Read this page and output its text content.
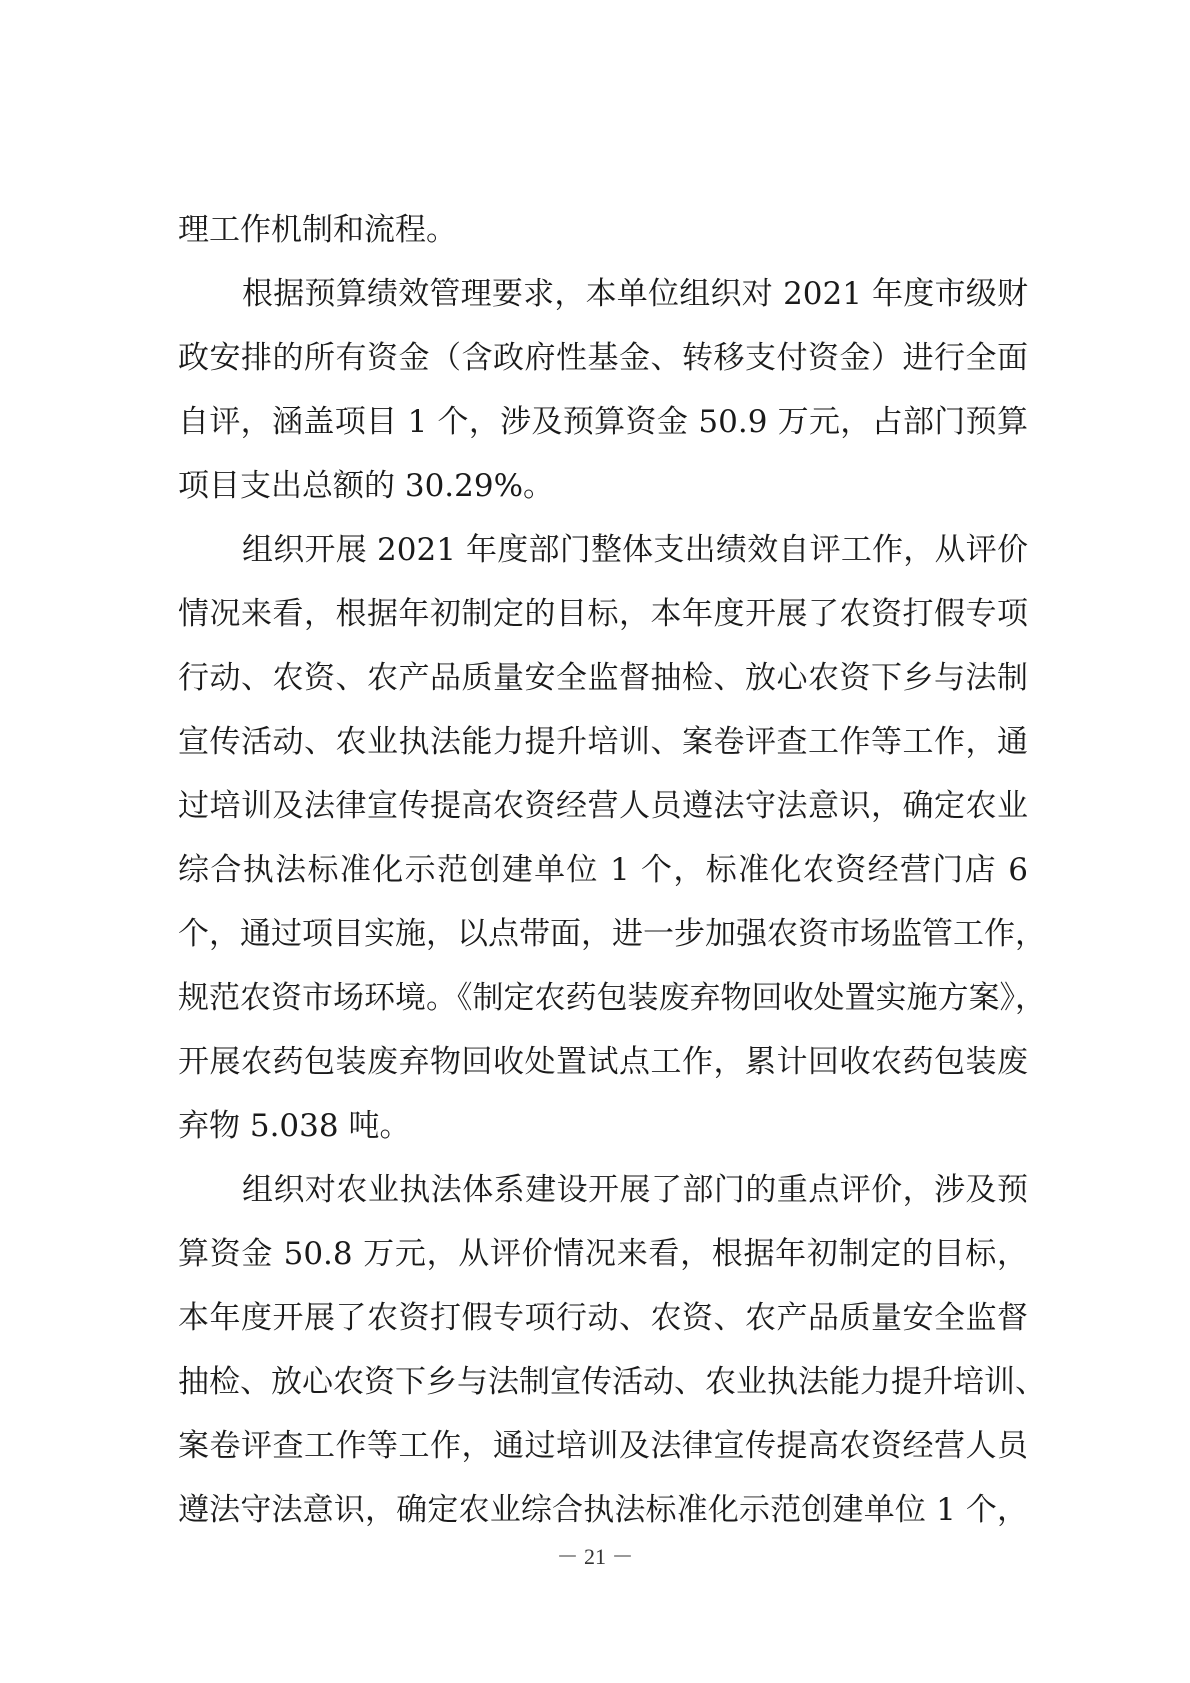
理工作机制和流程。
根据预算绩效管理要求，本单位组织对 2021 年度市级财
政安排的所有资金（含政府性基金、转移支付资金）进行全面
自评，涵盖项目 1 个，涉及预算资金 50.9 万元，占部门预算
项目支出总额的 30.29%。
组织开展 2021 年度部门整体支出绩效自评工作，从评价
情况来看，根据年初制定的目标，本年度开展了农资打假专项
行动、农资、农产品质量安全监督抽检、放心农资下乡与法制
宣传活动、农业执法能力提升培训、案卷评查工作等工作，通
过培训及法律宣传提高农资经营人员遵法守法意识，确定农业
综合执法标准化示范创建单位 1 个，标准化农资经营门店 6
个，通过项目实施，以点带面，进一步加强农资市场监管工作，
规范农资市场环境。《制定农药包装废弃物回收处置实施方案》，
开展农药包装废弃物回收处置试点工作，累计回收农药包装废
弃物 5.038 吨。
组织对农业执法体系建设开展了部门的重点评价，涉及预
算资金 50.8 万元，从评价情况来看，根据年初制定的目标，
本年度开展了农资打假专项行动、农资、农产品质量安全监督
抽检、放心农资下乡与法制宣传活动、农业执法能力提升培训、
案卷评查工作等工作，通过培训及法律宣传提高农资经营人员
遵法守法意识，确定农业综合执法标准化示范创建单位 1 个，
－ 21 －
